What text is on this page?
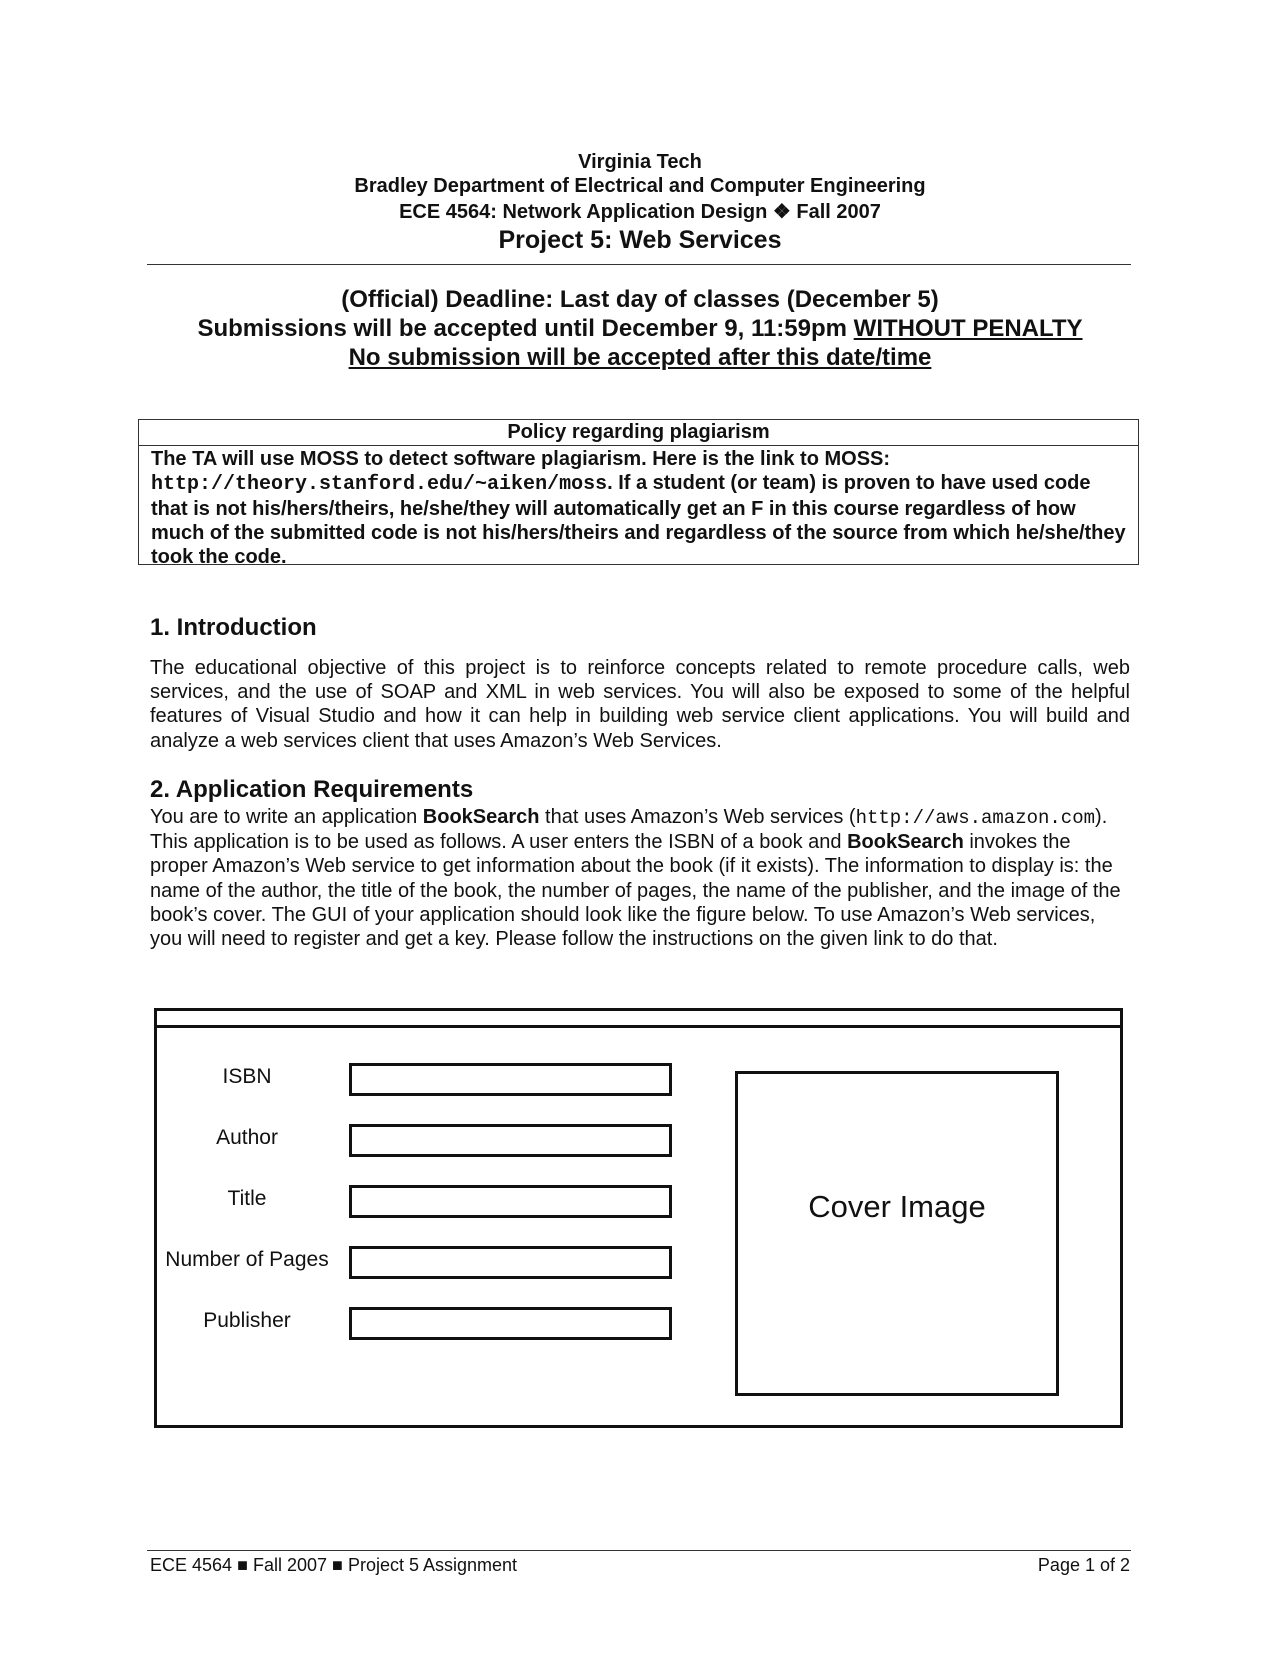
Virginia Tech
Bradley Department of Electrical and Computer Engineering
ECE 4564: Network Application Design ❖ Fall 2007
Project 5: Web Services
(Official) Deadline: Last day of classes (December 5)
Submissions will be accepted until December 9, 11:59pm WITHOUT PENALTY
No submission will be accepted after this date/time
Policy regarding plagiarism
The TA will use MOSS to detect software plagiarism. Here is the link to MOSS: http://theory.stanford.edu/~aiken/moss. If a student (or team) is proven to have used code that is not his/hers/theirs, he/she/they will automatically get an F in this course regardless of how much of the submitted code is not his/hers/theirs and regardless of the source from which he/she/they took the code.
1. Introduction
The educational objective of this project is to reinforce concepts related to remote procedure calls, web services, and the use of SOAP and XML in web services. You will also be exposed to some of the helpful features of Visual Studio and how it can help in building web service client applications. You will build and analyze a web services client that uses Amazon’s Web Services.
2. Application Requirements
You are to write an application BookSearch that uses Amazon’s Web services (http://aws.amazon.com). This application is to be used as follows. A user enters the ISBN of a book and BookSearch invokes the proper Amazon’s Web service to get information about the book (if it exists). The information to display is: the name of the author, the title of the book, the number of pages, the name of the publisher, and the image of the book’s cover. The GUI of your application should look like the figure below. To use Amazon’s Web services, you will need to register and get a key. Please follow the instructions on the given link to do that.
ISBN
Author
Title
Number of Pages
Publisher
Cover Image
ECE 4564 ■ Fall 2007 ■ Project 5 Assignment	Page 1 of 2
